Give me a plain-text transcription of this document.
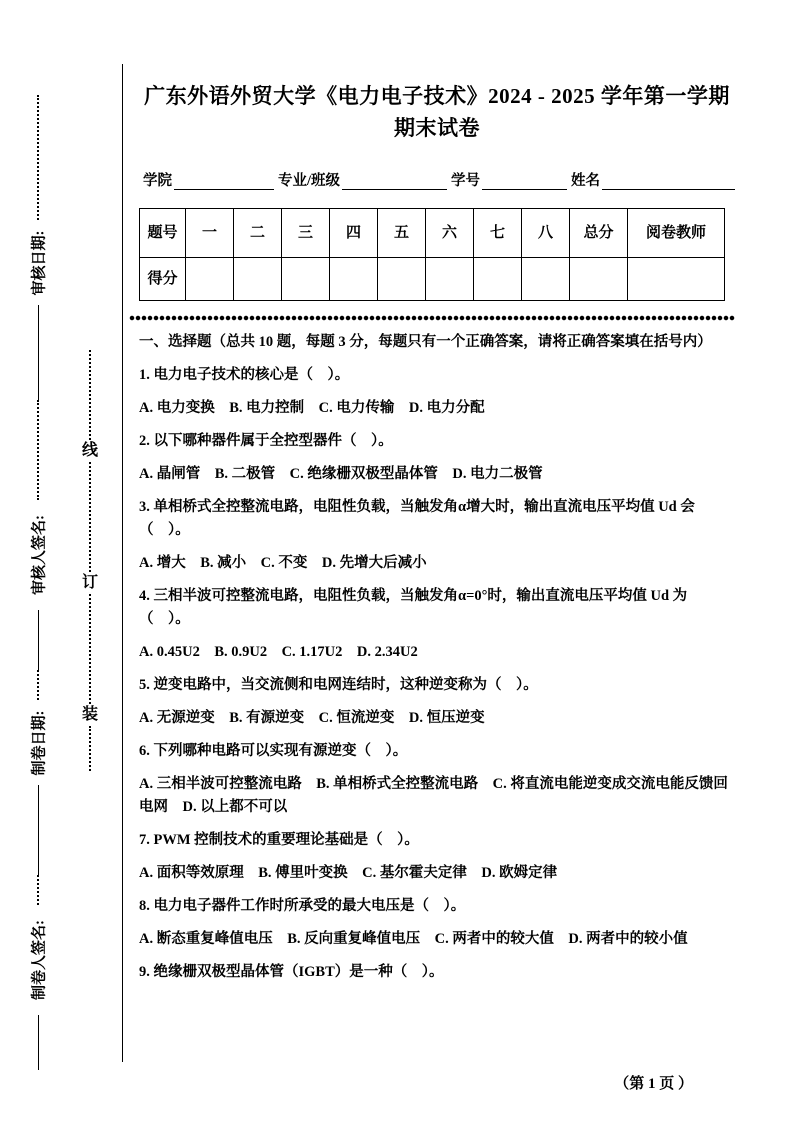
审核日期:
审核人签名:
制卷日期:
制卷人签名:
线
订
装
广东外语外贸大学《电力电子技术》2024 - 2025 学年第一学期期末试卷
学院	专业/班级	学号	姓名
题号	一	二	三	四	五	六	七	八	总分	阅卷教师
得分										

一、选择题（总共 10 题，每题 3 分，每题只有一个正确答案，请将正确答案填在括号内）

1. 电力电子技术的核心是（　）。

A. 电力变换　B. 电力控制　C. 电力传输　D. 电力分配

2. 以下哪种器件属于全控型器件（　）。

A. 晶闸管　B. 二极管　C. 绝缘栅双极型晶体管　D. 电力二极管

3. 单相桥式全控整流电路，电阻性负载，当触发角α增大时，输出直流电压平均值 Ud 会（　）。

A. 增大　B. 减小　C. 不变　D. 先增大后减小

4. 三相半波可控整流电路，电阻性负载，当触发角α=0°时，输出直流电压平均值 Ud 为（　）。

A. 0.45U2　B. 0.9U2　C. 1.17U2　D. 2.34U2

5. 逆变电路中，当交流侧和电网连结时，这种逆变称为（　）。

A. 无源逆变　B. 有源逆变　C. 恒流逆变　D. 恒压逆变

6. 下列哪种电路可以实现有源逆变（　）。

A. 三相半波可控整流电路　B. 单相桥式全控整流电路　C. 将直流电能逆变成交流电能反馈回电网　D. 以上都不可以

7. PWM 控制技术的重要理论基础是（　）。

A. 面积等效原理　B. 傅里叶变换　C. 基尔霍夫定律　D. 欧姆定律

8. 电力电子器件工作时所承受的最大电压是（　）。

A. 断态重复峰值电压　B. 反向重复峰值电压　C. 两者中的较大值　D. 两者中的较小值

9. 绝缘栅双极型晶体管（IGBT）是一种（　）。

（第 1 页 ）
